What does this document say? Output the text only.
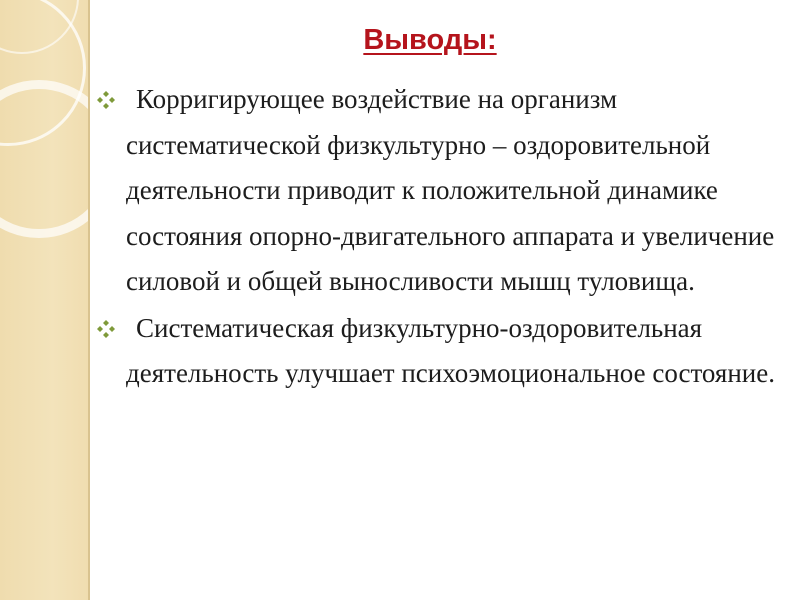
Выводы:
Корригирующее воздействие на организм систематической физкультурно – оздоровительной деятельности приводит к положительной динамике состояния опорно-двигательного аппарата и увеличение силовой и общей выносливости мышц туловища.
Систематическая физкультурно-оздоровительная деятельность улучшает психоэмоциональное состояние.
